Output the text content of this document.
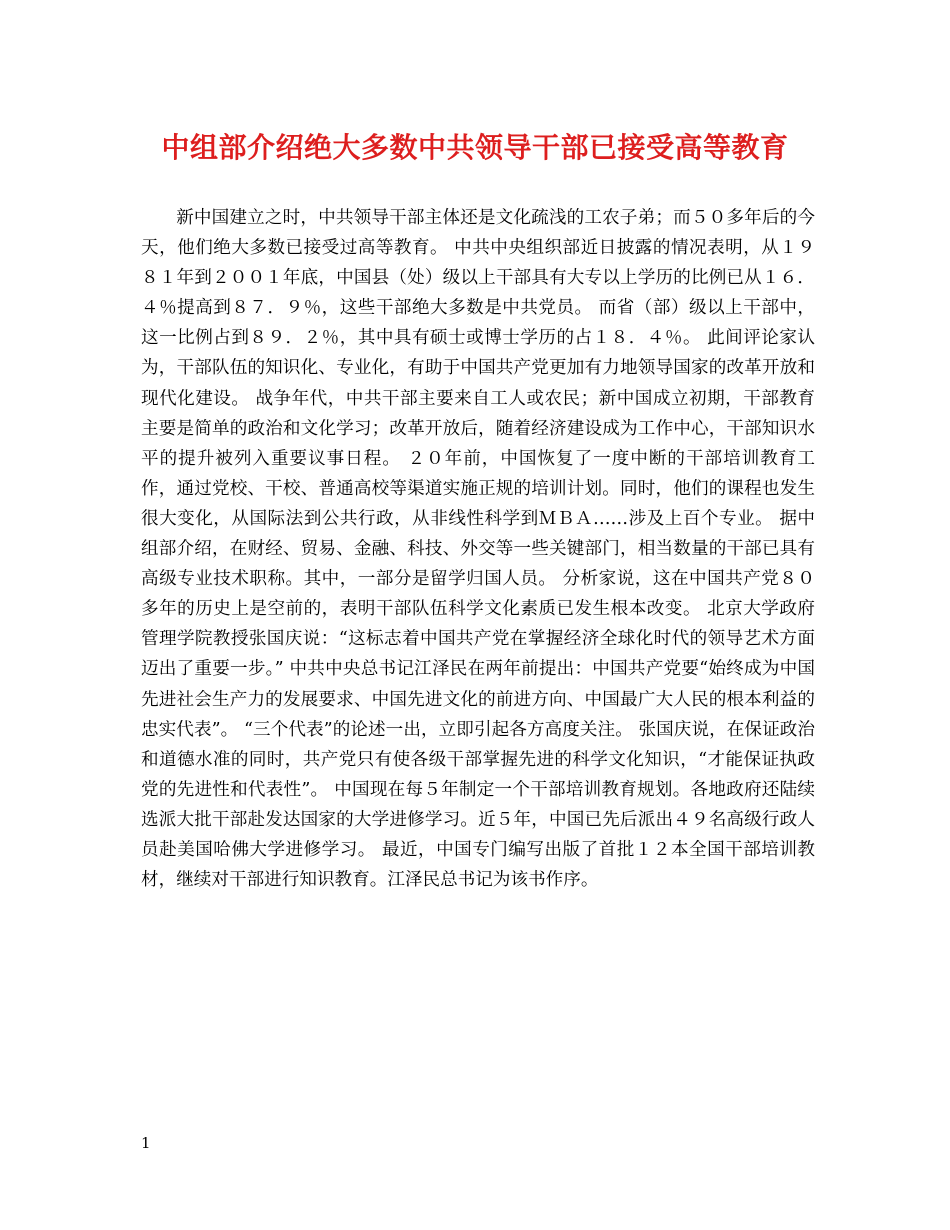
中组部介绍绝大多数中共领导干部已接受高等教育

新中国建立之时，中共领导干部主体还是文化疏浅的工农子弟；而５０多年后的今天，他们绝大多数已接受过高等教育。 中共中央组织部近日披露的情况表明，从１９８１年到２００１年底，中国县（处）级以上干部具有大专以上学历的比例已从１６．４％提高到８７．９％，这些干部绝大多数是中共党员。 而省（部）级以上干部中，这一比例占到８９．２％，其中具有硕士或博士学历的占１８．４％。 此间评论家认为，干部队伍的知识化、专业化，有助于中国共产党更加有力地领导国家的改革开放和现代化建设。 战争年代，中共干部主要来自工人或农民；新中国成立初期，干部教育主要是简单的政治和文化学习；改革开放后，随着经济建设成为工作中心，干部知识水平的提升被列入重要议事日程。 ２０年前，中国恢复了一度中断的干部培训教育工作，通过党校、干校、普通高校等渠道实施正规的培训计划。同时，他们的课程也发生很大变化，从国际法到公共行政，从非线性科学到ＭＢＡ……涉及上百个专业。 据中组部介绍，在财经、贸易、金融、科技、外交等一些关键部门，相当数量的干部已具有高级专业技术职称。其中，一部分是留学归国人员。 分析家说，这在中国共产党８０多年的历史上是空前的，表明干部队伍科学文化素质已发生根本改变。 北京大学政府管理学院教授张国庆说：“这标志着中国共产党在掌握经济全球化时代的领导艺术方面迈出了重要一步。” 中共中央总书记江泽民在两年前提出：中国共产党要“始终成为中国先进社会生产力的发展要求、中国先进文化的前进方向、中国最广大人民的根本利益的忠实代表”。 “三个代表”的论述一出，立即引起各方高度关注。 张国庆说，在保证政治和道德水准的同时，共产党只有使各级干部掌握先进的科学文化知识，“才能保证执政党的先进性和代表性”。 中国现在每５年制定一个干部培训教育规划。各地政府还陆续选派大批干部赴发达国家的大学进修学习。近５年，中国已先后派出４９名高级行政人员赴美国哈佛大学进修学习。 最近，中国专门编写出版了首批１２本全国干部培训教材，继续对干部进行知识教育。江泽民总书记为该书作序。

1
